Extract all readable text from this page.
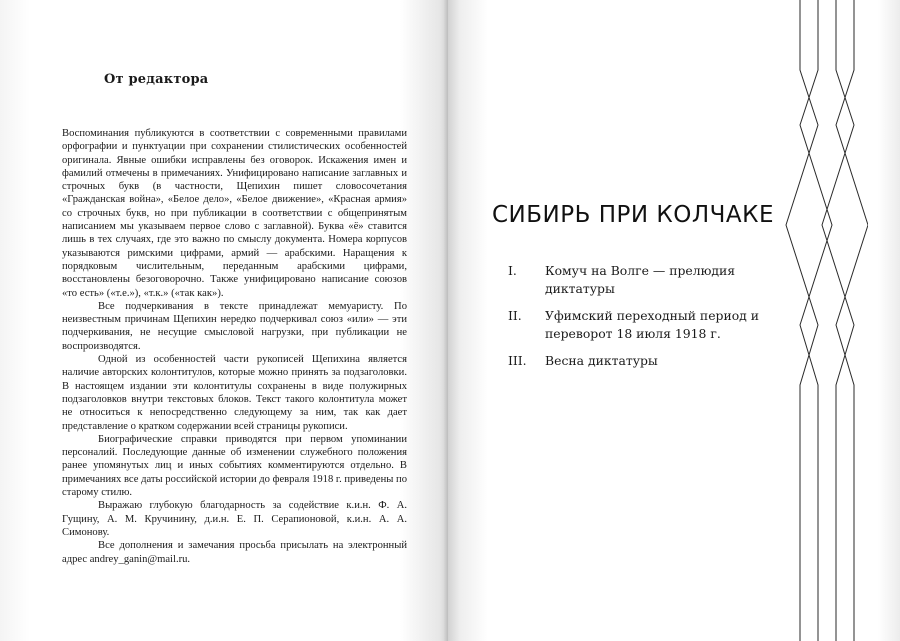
От редактора

Воспоминания публикуются в соответствии с современными правилами орфографии и пунктуации при сохранении стилистических особенностей оригинала. Явные ошибки исправлены без оговорок. Искажения имен и фамилий отмечены в примечаниях. Унифицировано написание заглавных и строчных букв (в частности, Щепихин пишет словосочетания «Гражданская война», «Белое дело», «Белое движение», «Красная армия» со строчных букв, но при публикации в соответствии с общепринятым написанием мы указываем первое слово с заглавной). Буква «ё» ставится лишь в тех случаях, где это важно по смыслу документа. Номера корпусов указываются римскими цифрами, армий — арабскими. Наращения к порядковым числительным, переданным арабскими цифрами, восстановлены безоговорочно. Также унифицировано написание союзов «то есть» («т.е.»), «т.к.» («так как»).

Все подчеркивания в тексте принадлежат мемуаристу. По неизвестным причинам Щепихин нередко подчеркивал союз «или» — эти подчеркивания, не несущие смысловой нагрузки, при публикации не воспроизводятся.

Одной из особенностей части рукописей Щепихина является наличие авторских колонтитулов, которые можно принять за подзаголовки. В настоящем издании эти колонтитулы сохранены в виде полужирных подзаголовков внутри текстовых блоков. Текст такого колонтитула может не относиться к непосредственно следующему за ним, так как дает представление о кратком содержании всей страницы рукописи.

Биографические справки приводятся при первом упоминании персоналий. Последующие данные об изменении служебного положения ранее упомянутых лиц и иных событиях комментируются отдельно. В примечаниях все даты российской истории до февраля 1918 г. приведены по старому стилю.

Выражаю глубокую благодарность за содействие к.и.н. Ф. А. Гущину, А. М. Кручинину, д.и.н. Е. П. Серапионовой, к.и.н. А. А. Симонову.

Все дополнения и замечания просьба присылать на электронный адрес andrey_ganin@mail.ru.

СИБИРЬ ПРИ КОЛЧАКЕ
I.	Комуч на Волге — прелюдия диктатуры
II.	Уфимский переходный период и переворот 18 июля 1918 г.
III.	Весна диктатуры
